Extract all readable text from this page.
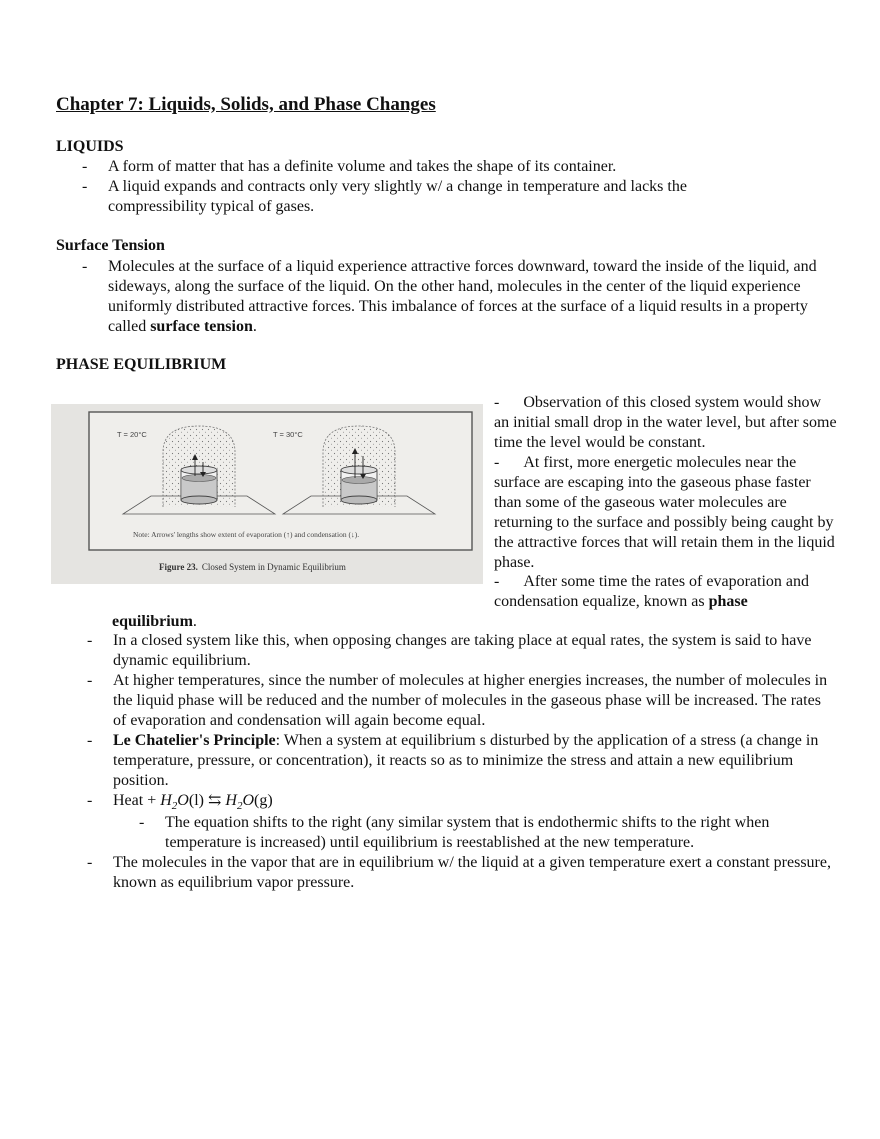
Chapter 7: Liquids, Solids, and Phase Changes
LIQUIDS
- A form of matter that has a definite volume and takes the shape of its container.
- A liquid expands and contracts only very slightly w/ a change in temperature and lacks the compressibility typical of gases.
Surface Tension
- Molecules at the surface of a liquid experience attractive forces downward, toward the inside of the liquid, and sideways, along the surface of the liquid. On the other hand, molecules in the center of the liquid experience uniformly distributed attractive forces. This imbalance of forces at the surface of a liquid results in a property called surface tension.
PHASE EQUILIBRIUM
T = 20°C	T = 30°C
Note: Arrows' lengths show extent of evaporation (↑) and condensation (↓).
Figure 23. Closed System in Dynamic Equilibrium
-      Observation of this closed system would show an initial small drop in the water level, but after some time the level would be constant.
-      At first, more energetic molecules near the surface are escaping into the gaseous phase faster than some of the gaseous water molecules are returning to the surface and possibly being caught by the attractive forces that will retain them in the liquid phase.
-      After some time the rates of evaporation and condensation equalize, known as phase
equilibrium.
- In a closed system like this, when opposing changes are taking place at equal rates, the system is said to have dynamic equilibrium.
- At higher temperatures, since the number of molecules at higher energies increases, the number of molecules in the liquid phase will be reduced and the number of molecules in the gaseous phase will be increased. The rates of evaporation and condensation will again become equal.
- Le Chatelier's Principle: When a system at equilibrium s disturbed by the application of a stress (a change in temperature, pressure, or concentration), it reacts so as to minimize the stress and attain a new equilibrium position.
- Heat + $H_2O(l)$ ⇆ $H_2O(g)$
- The equation shifts to the right (any similar system that is endothermic shifts to the right when temperature is increased) until equilibrium is reestablished at the new temperature.
- The molecules in the vapor that are in equilibrium w/ the liquid at a given temperature exert a constant pressure, known as equilibrium vapor pressure.
